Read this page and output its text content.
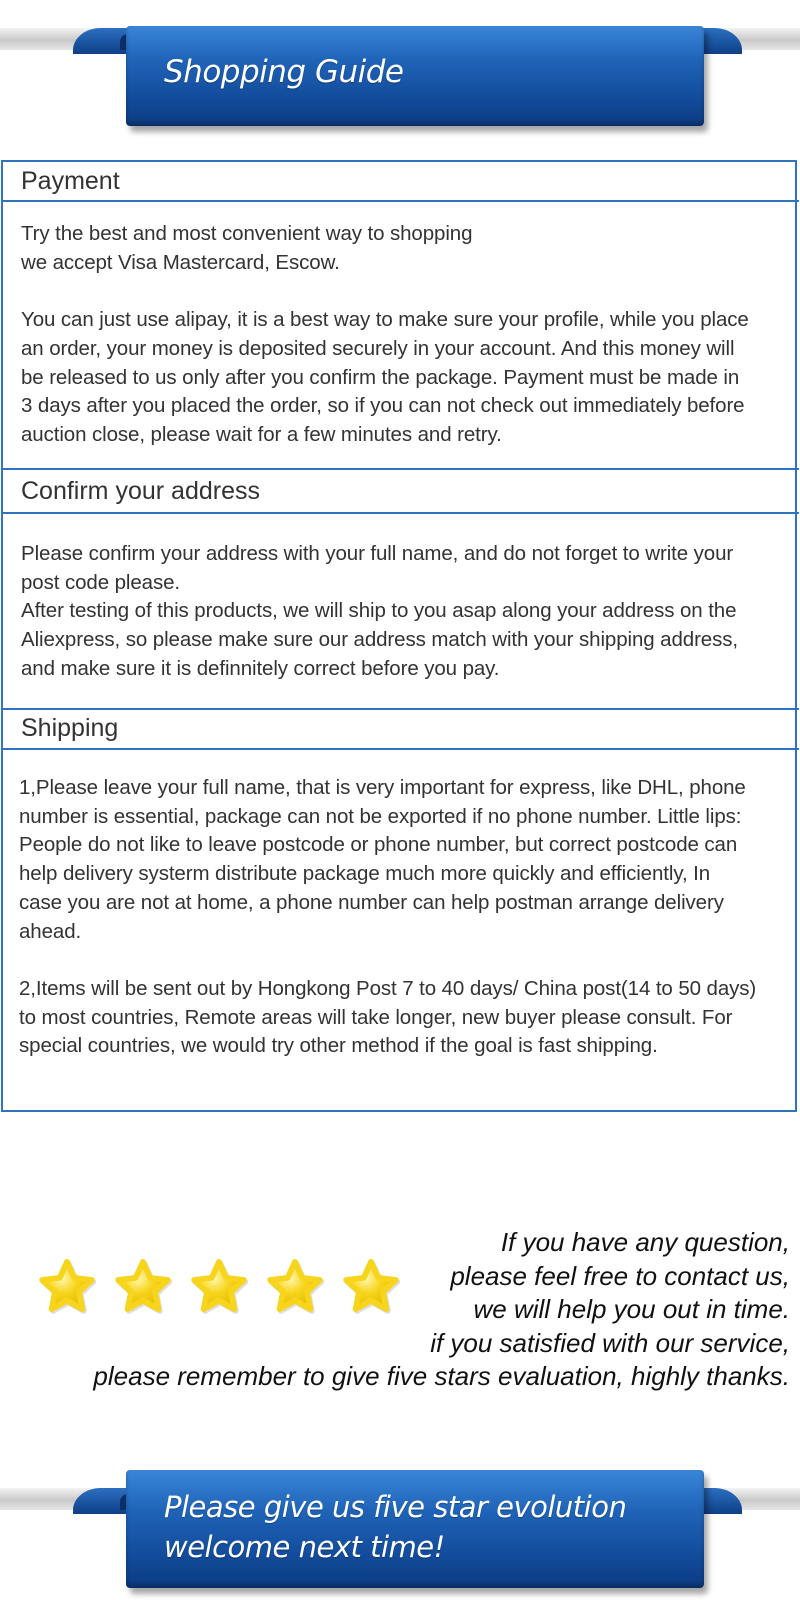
Shopping Guide
Payment

Try the best and most convenient way to shopping

we accept Visa Mastercard, Escow.

You can just use alipay, it is a best way to make sure your profile, while you place

an order, your money is deposited securely in your account. And this money will

be released to us only after you confirm the package. Payment must be made in

3 days after you placed the order, so if you can not check out immediately before

auction close, please wait for a few minutes and retry.

Confirm your address

Please confirm your address with your full name, and do not forget to write your

post code please.

After testing of this products, we will ship to you asap along your address on the

Aliexpress, so please make sure our address match with your shipping address,

and make sure it is definnitely correct before you pay.

Shipping

1,Please leave your full name, that is very important for express, like DHL, phone

number is essential, package can not be exported if no phone number. Little lips:

People do not like to leave postcode or phone number, but correct postcode can

help delivery systerm distribute package much more quickly and efficiently, In

case you are not at home, a phone number can help postman arrange delivery

ahead.

2,Items will be sent out by Hongkong Post 7 to 40 days/ China post(14 to 50 days)

to most countries, Remote areas will take longer, new buyer please consult. For

special countries, we would try other method if the goal is fast shipping.

If you have any question,
please feel free to contact us,
we will help you out in time.
if you satisfied with our service,
please remember to give five stars evaluation, highly thanks.
Please give us five star evolution
welcome next time!
